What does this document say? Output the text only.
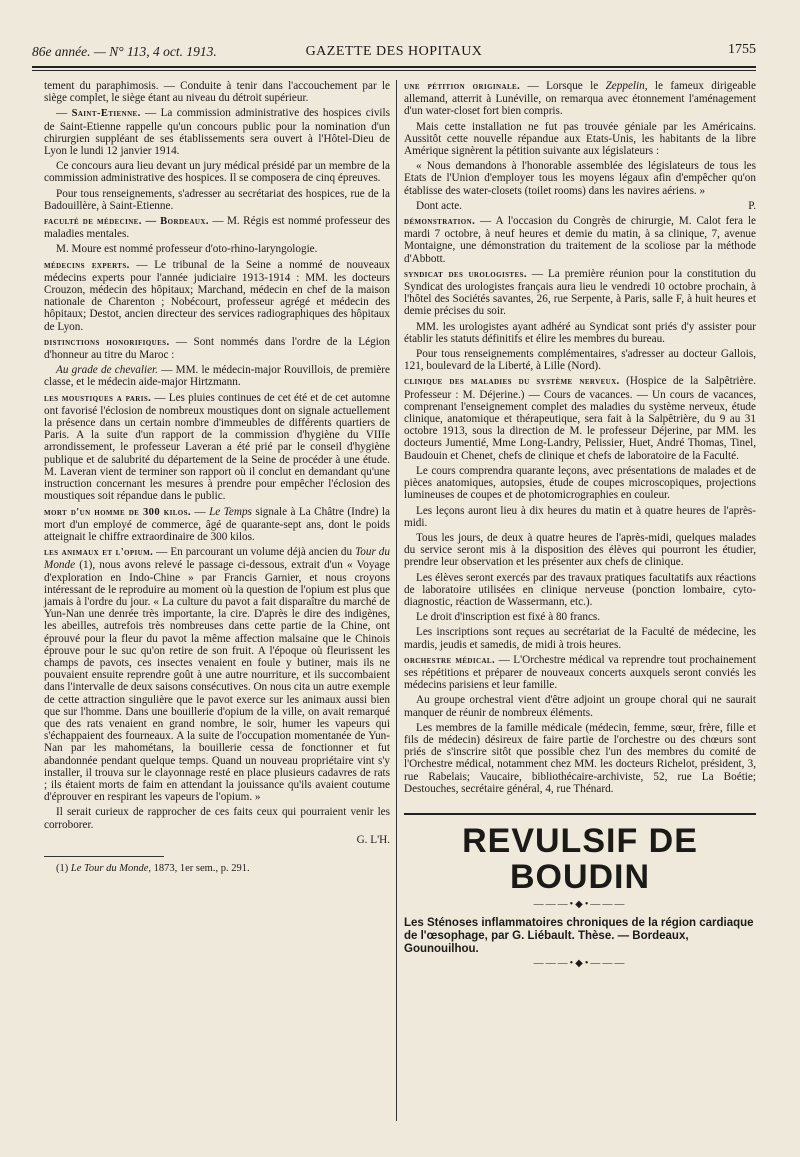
86e année. — N° 113, 4 oct. 1913.	GAZETTE DES HOPITAUX	1755

tement du paraphimosis. — Conduite à tenir dans l'accouchement par le siège complet, le siège étant au niveau du détroit supérieur.

— Saint-Etienne. — La commission administrative des hospices civils de Saint-Etienne rappelle qu'un concours public pour la nomination d'un chirurgien suppléant de ses établissements sera ouvert à l'Hôtel-Dieu de Lyon le lundi 12 janvier 1914.

Ce concours aura lieu devant un jury médical présidé par un membre de la commission administrative des hospices. Il se composera de cinq épreuves.

Pour tous renseignements, s'adresser au secrétariat des hospices, rue de la Badouillère, à Saint-Etienne.

faculté de médecine. — Bordeaux. — M. Régis est nommé professeur des maladies mentales.

M. Moure est nommé professeur d'oto-rhino-laryngologie.

médecins experts. — Le tribunal de la Seine a nommé de nouveaux médecins experts pour l'année judiciaire 1913-1914 : MM. les docteurs Crouzon, médecin des hôpitaux; Marchand, médecin en chef de la maison nationale de Charenton ; Nobécourt, professeur agrégé et médecin des hôpitaux; Destot, ancien directeur des services radiographiques des hôpitaux de Lyon.

distinctions honorifiques. — Sont nommés dans l'ordre de la Légion d'honneur au titre du Maroc :

Au grade de chevalier. — MM. le médecin-major Rouvillois, de première classe, et le médecin aide-major Hirtzmann.

les moustiques a paris. — Les pluies continues de cet été et de cet automne ont favorisé l'éclosion de nombreux moustiques dont on signale actuellement la présence dans un certain nombre d'immeubles de différents quartiers de Paris. A la suite d'un rapport de la commission d'hygiène du VIIIe arrondissement, le professeur Laveran a été prié par le conseil d'hygiène publique et de salubrité du département de la Seine de procéder à une étude. M. Laveran vient de terminer son rapport où il conclut en demandant qu'une instruction concernant les mesures à prendre pour empêcher l'éclosion des moustiques soit répandue dans le public.

mort d'un homme de 300 kilos. — Le Temps signale à La Châtre (Indre) la mort d'un employé de commerce, âgé de quarante-sept ans, dont le poids atteignait le chiffre extraordinaire de 300 kilos.

les animaux et l'opium. — En parcourant un volume déjà ancien du Tour du Monde (1), nous avons relevé le passage ci-dessous, extrait d'un « Voyage d'exploration en Indo-Chine » par Francis Garnier, et nous croyons intéressant de le reproduire au moment où la question de l'opium est plus que jamais à l'ordre du jour. « La culture du pavot a fait disparaître du marché de Yun-Nan une denrée très importante, la cire. D'après le dire des indigènes, les abeilles, autrefois très nombreuses dans cette partie de la Chine, ont éprouvé pour la fleur du pavot la même affection malsaine que le Chinois éprouve pour le suc qu'on retire de son fruit. A l'époque où fleurissent les champs de pavots, ces insectes venaient en foule y butiner, mais ils ne pouvaient ensuite reprendre goût à une autre nourriture, et ils succombaient dans l'intervalle de deux saisons consécutives. On nous cita un autre exemple de cette attraction singulière que le pavot exerce sur les animaux aussi bien que sur l'homme. Dans une bouillerie d'opium de la ville, on avait remarqué que des rats venaient en grand nombre, le soir, humer les vapeurs qui s'échappaient des fourneaux. A la suite de l'occupation momentanée de Yun-Nan par les mahométans, la bouillerie cessa de fonctionner et fut abandonnée pendant quelque temps. Quand un nouveau propriétaire vint s'y installer, il trouva sur le clayonnage resté en place plusieurs cadavres de rats ; ils étaient morts de faim en attendant la jouissance qu'ils avaient coutume d'éprouver en respirant les vapeurs de l'opium. »

Il serait curieux de rapprocher de ces faits ceux qui pourraient venir les corroborer.

G. L'H.

(1) Le Tour du Monde, 1873, 1er sem., p. 291.

une pétition originale. — Lorsque le Zeppelin, le fameux dirigeable allemand, atterrit à Lunéville, on remarqua avec étonnement l'aménagement d'un water-closet fort bien compris.

Mais cette installation ne fut pas trouvée géniale par les Américains. Aussitôt cette nouvelle répandue aux Etats-Unis, les habitants de la libre Amérique signèrent la pétition suivante aux législateurs :

« Nous demandons à l'honorable assemblée des législateurs de tous les Etats de l'Union d'employer tous les moyens légaux afin d'empêcher qu'on établisse des water-closets (toilet rooms) dans les navires aériens. »

Dont acte.	P.

démonstration. — A l'occasion du Congrès de chirurgie, M. Calot fera le mardi 7 octobre, à neuf heures et demie du matin, à sa clinique, 7, avenue Montaigne, une démonstration du traitement de la scoliose par la méthode d'Abbott.

syndicat des urologistes. — La première réunion pour la constitution du Syndicat des urologistes français aura lieu le vendredi 10 octobre prochain, à l'hôtel des Sociétés savantes, 26, rue Serpente, à Paris, salle F, à huit heures et demie précises du soir.

MM. les urologistes ayant adhéré au Syndicat sont priés d'y assister pour établir les statuts définitifs et élire les membres du bureau.

Pour tous renseignements complémentaires, s'adresser au docteur Gallois, 121, boulevard de la Liberté, à Lille (Nord).

clinique des maladies du système nerveux. (Hospice de la Salpêtrière. Professeur : M. Déjerine.) — Cours de vacances. — Un cours de vacances, comprenant l'enseignement complet des maladies du système nerveux, étude clinique, anatomique et thérapeutique, sera fait à la Salpêtrière, du 9 au 31 octobre 1913, sous la direction de M. le professeur Déjerine, par MM. les docteurs Jumentié, Mme Long-Landry, Pelissier, Huet, André Thomas, Tinel, Baudouin et Chenet, chefs de clinique et chefs de laboratoire de la Faculté.

Le cours comprendra quarante leçons, avec présentations de malades et de pièces anatomiques, autopsies, étude de coupes microscopiques, projections lumineuses de coupes et de photomicrographies en couleur.

Les leçons auront lieu à dix heures du matin et à quatre heures de l'après-midi.

Tous les jours, de deux à quatre heures de l'après-midi, quelques malades du service seront mis à la disposition des élèves qui pourront les étudier, prendre leur observation et les présenter aux chefs de clinique.

Les élèves seront exercés par des travaux pratiques facultatifs aux réactions de laboratoire utilisées en clinique nerveuse (ponction lombaire, cyto-diagnostic, réaction de Wassermann, etc.).

Le droit d'inscription est fixé à 80 francs.

Les inscriptions sont reçues au secrétariat de la Faculté de médecine, les mardis, jeudis et samedis, de midi à trois heures.

orchestre médical. — L'Orchestre médical va reprendre tout prochainement ses répétitions et préparer de nouveaux concerts auxquels seront conviés les médecins parisiens et leur famille.

Au groupe orchestral vient d'être adjoint un groupe choral qui ne saurait manquer de réunir de nombreux éléments.

Les membres de la famille médicale (médecin, femme, sœur, frère, fille et fils de médecin) désireux de faire partie de l'orchestre ou des chœurs sont priés de s'inscrire sitôt que possible chez l'un des membres du comité de l'Orchestre médical, notamment chez MM. les docteurs Richelot, président, 3, rue Rabelais; Vaucaire, bibliothécaire-archiviste, 52, rue La Boétie; Destouches, secrétaire général, 4, rue Thénard.

REVULSIF DE BOUDIN
———•◆•———
Les Sténoses inflammatoires chroniques de la région cardiaque de l'œsophage, par G. Liébault. Thèse. — Bordeaux, Gounouilhou.
———•◆•———
